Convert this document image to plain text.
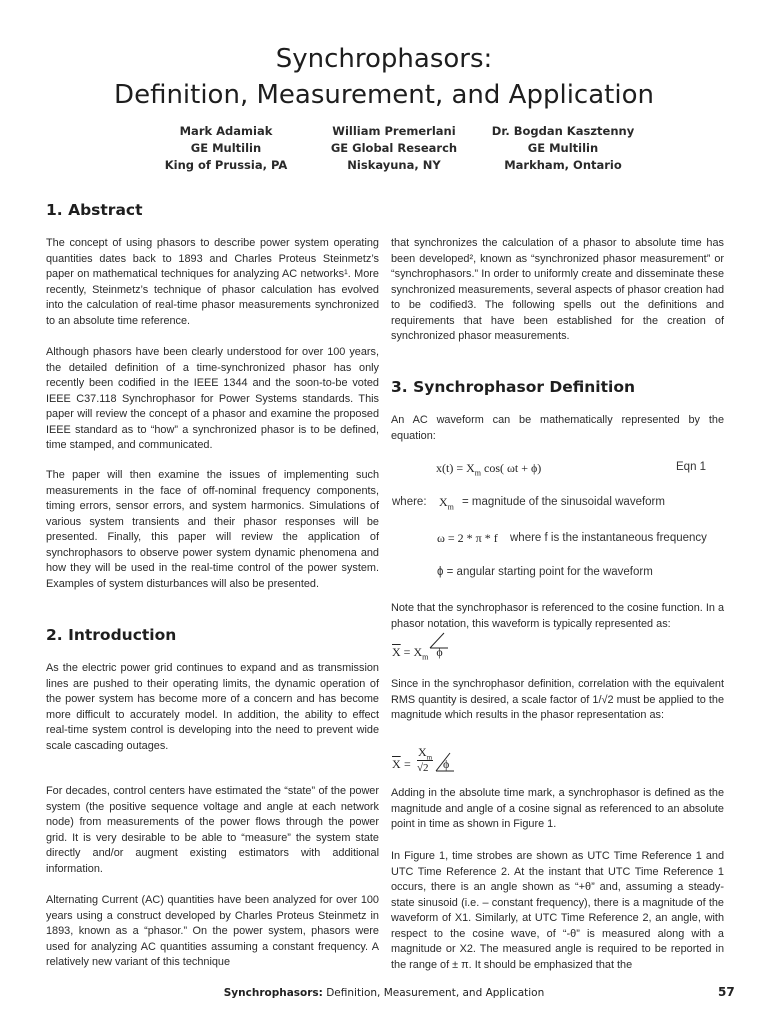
Synchrophasors:
Definition, Measurement, and Application
Mark Adamiak
GE Multilin
King of Prussia, PA
William Premerlani
GE Global Research
Niskayuna, NY
Dr. Bogdan Kasztenny
GE Multilin
Markham, Ontario
1. Abstract

The concept of using phasors to describe power system operating quantities dates back to 1893 and Charles Proteus Steinmetz’s paper on mathematical techniques for analyzing AC networks¹. More recently, Steinmetz’s technique of phasor calculation has evolved into the calculation of real-time phasor measurements synchronized to an absolute time reference.

Although phasors have been clearly understood for over 100 years, the detailed definition of a time-synchronized phasor has only recently been codified in the IEEE 1344 and the soon-to-be voted IEEE C37.118 Synchrophasor for Power Systems standards. This paper will review the concept of a phasor and examine the proposed IEEE standard as to “how” a synchronized phasor is to be defined, time stamped, and communicated.

The paper will then examine the issues of implementing such measurements in the face of off-nominal frequency components, timing errors, sensor errors, and system harmonics. Simulations of various system transients and their phasor responses will be presented. Finally, this paper will review the application of synchrophasors to observe power system dynamic phenomena and how they will be used in the real-time control of the power system. Examples of system disturbances will also be presented.

2. Introduction

As the electric power grid continues to expand and as transmission lines are pushed to their operating limits, the dynamic operation of the power system has become more of a concern and has become more difficult to accurately model. In addition, the ability to effect real-time system control is developing into the need to prevent wide scale cascading outages.

For decades, control centers have estimated the “state” of the power system (the positive sequence voltage and angle at each network node) from measurements of the power flows through the power grid. It is very desirable to be able to “measure” the system state directly and/or augment existing estimators with additional information.

Alternating Current (AC) quantities have been analyzed for over 100 years using a construct developed by Charles Proteus Steinmetz in 1893, known as a “phasor.” On the power system, phasors were used for analyzing AC quantities assuming a constant frequency. A relatively new variant of this technique

that synchronizes the calculation of a phasor to absolute time has been developed², known as “synchronized phasor measurement” or “synchrophasors.” In order to uniformly create and disseminate these synchronized measurements, several aspects of phasor creation had to be codified3. The following spells out the definitions and requirements that have been established for the creation of synchronized phasor measurements.

3. Synchrophasor Definition

An AC waveform can be mathematically represented by the equation:

$x(t) = X_m$ cos( ωt + ϕ)	Eqn 1
where: $X_m$ = magnitude of the sinusoidal waveform
ω = 2 * π * f where f is the instantaneous frequency
ϕ = angular starting point for the waveform

Note that the synchrophasor is referenced to the cosine function. In a phasor notation, this waveform is typically represented as:

$\overline{X} = X_m$ ϕ

Since in the synchrophasor definition, correlation with the equivalent RMS quantity is desired, a scale factor of 1/√2 must be applied to the magnitude which results in the phasor representation as:

$\overline{X}$ =
$X_m$
√2 ϕ

Adding in the absolute time mark, a synchrophasor is defined as the magnitude and angle of a cosine signal as referenced to an absolute point in time as shown in Figure 1.

In Figure 1, time strobes are shown as UTC Time Reference 1 and UTC Time Reference 2. At the instant that UTC Time Reference 1 occurs, there is an angle shown as “+θ” and, assuming a steady-state sinusoid (i.e. – constant frequency), there is a magnitude of the waveform of X1. Similarly, at UTC Time Reference 2, an angle, with respect to the cosine wave, of “-θ” is measured along with a magnitude or X2. The measured angle is required to be reported in the range of ± π. It should be emphasized that the

Synchrophasors: Definition, Measurement, and Application	57
